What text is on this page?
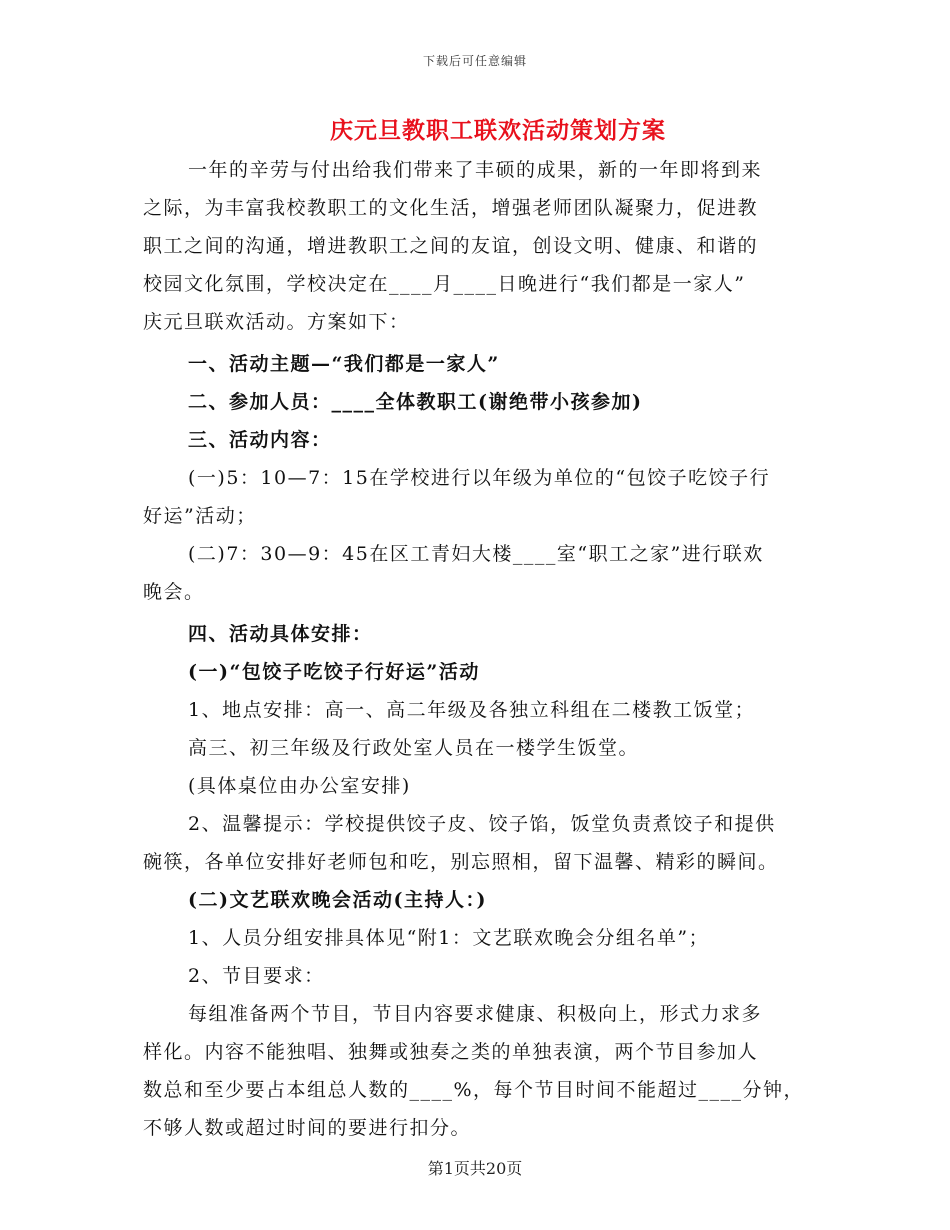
下载后可任意编辑
庆元旦教职工联欢活动策划方案
一年的辛劳与付出给我们带来了丰硕的成果，新的一年即将到来
之际，为丰富我校教职工的文化生活，增强老师团队凝聚力，促进教
职工之间的沟通，增进教职工之间的友谊，创设文明、健康、和谐的
校园文化氛围，学校决定在____月____日晚进行“我们都是一家人”
庆元旦联欢活动。方案如下：
一、活动主题—“我们都是一家人”
二、参加人员：____全体教职工(谢绝带小孩参加)
三、活动内容：
(一)5：10—7：15在学校进行以年级为单位的“包饺子吃饺子行
好运”活动；
(二)7：30—9：45在区工青妇大楼____室“职工之家”进行联欢
晚会。
四、活动具体安排：
(一)“包饺子吃饺子行好运”活动
1、地点安排：高一、高二年级及各独立科组在二楼教工饭堂；
高三、初三年级及行政处室人员在一楼学生饭堂。
(具体桌位由办公室安排)
2、温馨提示：学校提供饺子皮、饺子馅，饭堂负责煮饺子和提供
碗筷，各单位安排好老师包和吃，别忘照相，留下温馨、精彩的瞬间。
(二)文艺联欢晚会活动(主持人：)
1、人员分组安排具体见“附1：文艺联欢晚会分组名单”；
2、节目要求：
每组准备两个节目，节目内容要求健康、积极向上，形式力求多
样化。内容不能独唱、独舞或独奏之类的单独表演，两个节目参加人
数总和至少要占本组总人数的____%，每个节目时间不能超过____分钟，
不够人数或超过时间的要进行扣分。
第1页共20页
